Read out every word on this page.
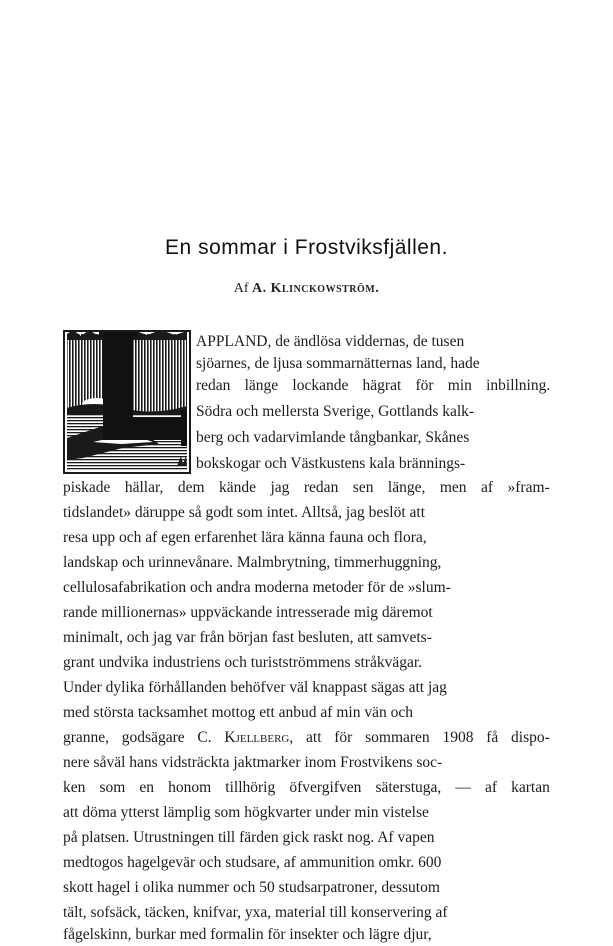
En sommar i Frostviksfjällen.
Af A. Klinckowström.
APPLAND, de ändlösa viddernas, de tusen
sjöarnes, de ljusa sommarnätternas land, hade
redan länge lockande hägrat för min inbillning.
Södra och mellersta Sverige, Gottlands kalk-
berg och vadarvimlande tångbankar, Skånes
bokskogar och Västkustens kala brännings-
piskade hällar, dem kände jag redan sen länge, men af »fram-
tidslandet» däruppe så godt som intet. Alltså, jag beslöt att
resa upp och af egen erfarenhet lära känna fauna och flora,
landskap och urinnevånare. Malmbrytning, timmerhuggning,
cellulosafabrikation och andra moderna metoder för de »slum-
rande millionernas» uppväckande intresserade mig däremot
minimalt, och jag var från början fast besluten, att samvets-
grant undvika industriens och turistströmmens stråkvägar.
Under dylika förhållanden behöfver väl knappast sägas att jag
med största tacksamhet mottog ett anbud af min vän och
granne, godsägare C. Kjellberg, att för sommaren 1908 få dispo-
nere såväl hans vidsträckta jaktmarker inom Frostvikens soc-
ken som en honom tillhörig öfvergifven säterstuga, — af kartan
att döma ytterst lämplig som högkvarter under min vistelse
på platsen. Utrustningen till färden gick raskt nog. Af vapen
medtogos hagelgevär och studsare, af ammunition omkr. 600
skott hagel i olika nummer och 50 studsarpatroner, dessutom
tält, sofsäck, täcken, knifvar, yxa, material till konservering af
fågelskinn, burkar med formalin för insekter och lägre djur,
